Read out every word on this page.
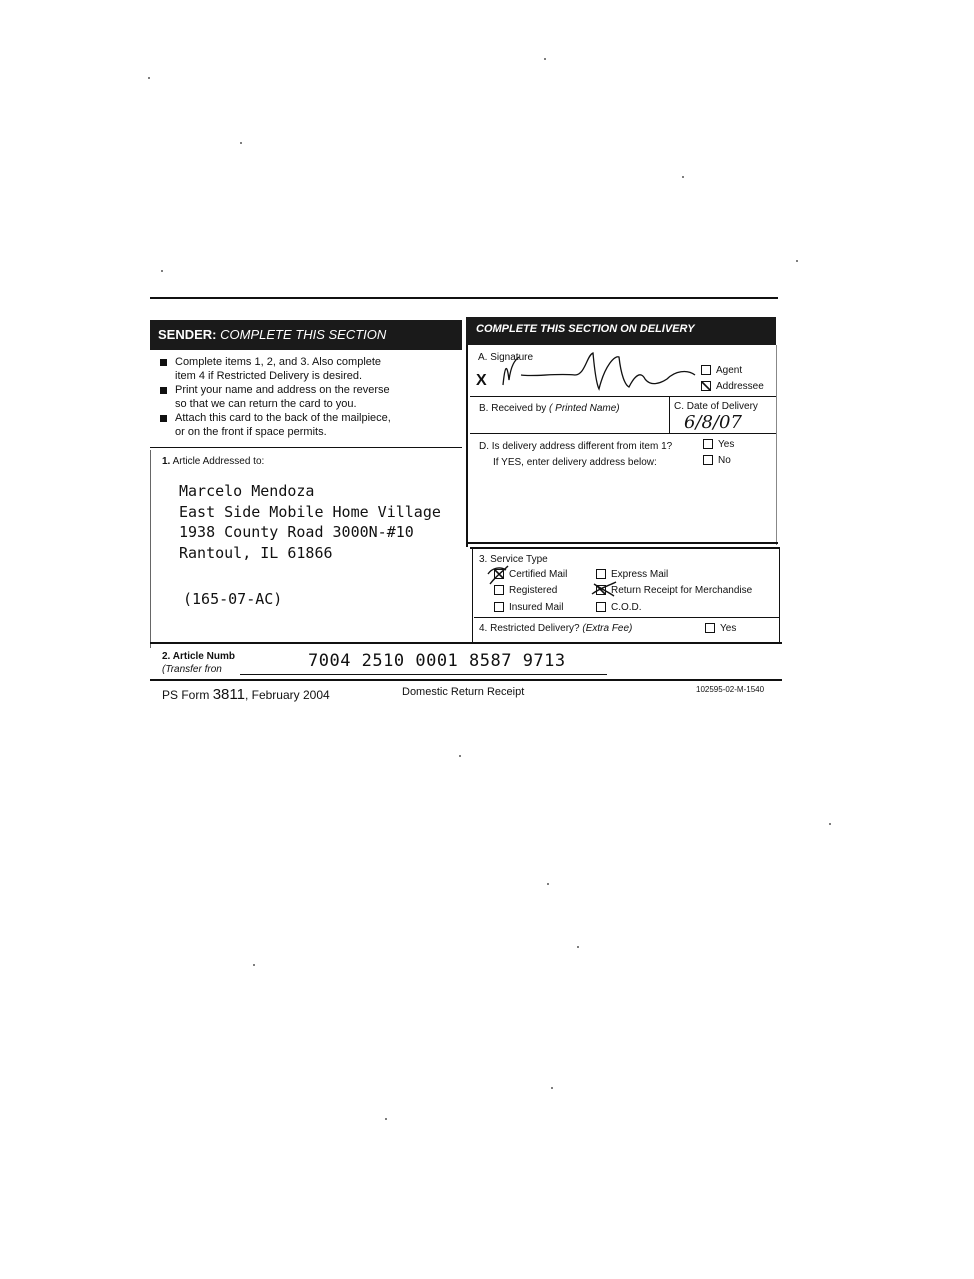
SENDER: COMPLETE THIS SECTION	COMPLETE THIS SECTION ON DELIVERY
Complete items 1, 2, and 3. Also complete
item 4 if Restricted Delivery is desired.
Print your name and address on the reverse
so that we can return the card to you.
Attach this card to the back of the mailpiece,
or on the front if space permits.
1. Article Addressed to:
Marcelo Mendoza
East Side Mobile Home Village
1938 County Road 3000N-#10
Rantoul, IL 61866
(165-07-AC)
A. Signature
X
Agent
Addressee
B. Received by ( Printed Name)	C. Date of Delivery
6/8/07
D. Is delivery address different from item 1?	Yes
If YES, enter delivery address below:	No
3. Service Type
Certified Mail	Express Mail
Registered	Return Receipt for Merchandise
Insured Mail	C.O.D.
4. Restricted Delivery? (Extra Fee)	Yes
2. Article Numb
(Transfer fron	7004 2510 0001 8587 9713
PS Form 3811, February 2004	Domestic Return Receipt	102595-02-M-1540
